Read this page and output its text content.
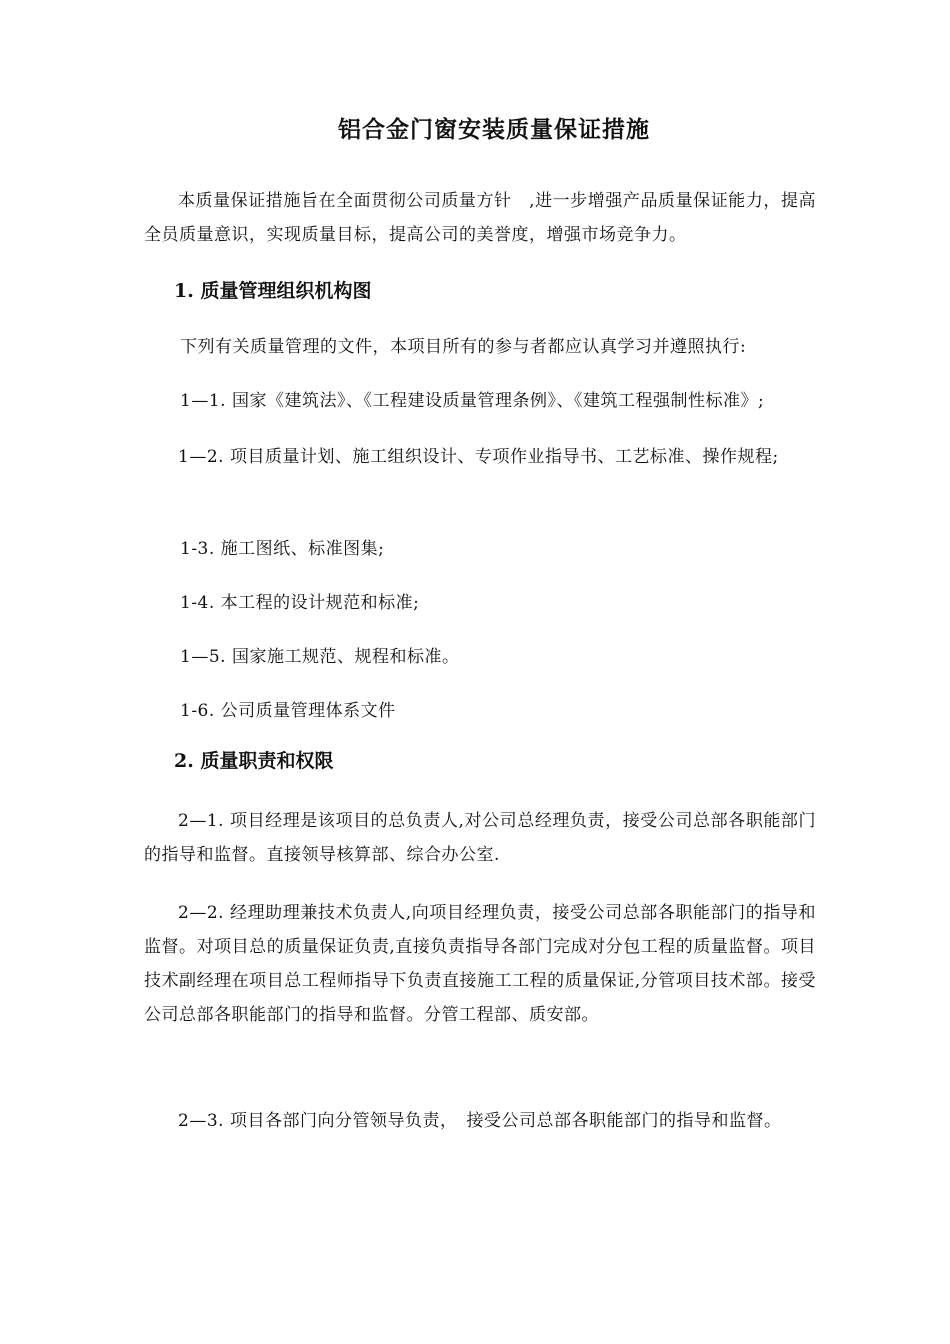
铝合金门窗安装质量保证措施
本质量保证措施旨在全面贯彻公司质量方针　,进一步增强产品质量保证能力，提高全员质量意识，实现质量目标，提高公司的美誉度，增强市场竞争力。
1. 质量管理组织机构图
下列有关质量管理的文件，本项目所有的参与者都应认真学习并遵照执行:
1—1. 国家《建筑法》、《工程建设质量管理条例》、《建筑工程强制性标准》;
1—2. 项目质量计划、施工组织设计、专项作业指导书、工艺标准、操作规程;
1-3. 施工图纸、标准图集;
1-4. 本工程的设计规范和标准;
1—5. 国家施工规范、规程和标准。
1-6. 公司质量管理体系文件
2. 质量职责和权限
2—1. 项目经理是该项目的总负责人,对公司总经理负责，接受公司总部各职能部门的指导和监督。直接领导核算部、综合办公室.
2—2. 经理助理兼技术负责人,向项目经理负责，接受公司总部各职能部门的指导和监督。对项目总的质量保证负责,直接负责指导各部门完成对分包工程的质量监督。项目技术副经理在项目总工程师指导下负责直接施工工程的质量保证,分管项目技术部。接受公司总部各职能部门的指导和监督。分管工程部、质安部。
2—3. 项目各部门向分管领导负责，　接受公司总部各职能部门的指导和监督。
